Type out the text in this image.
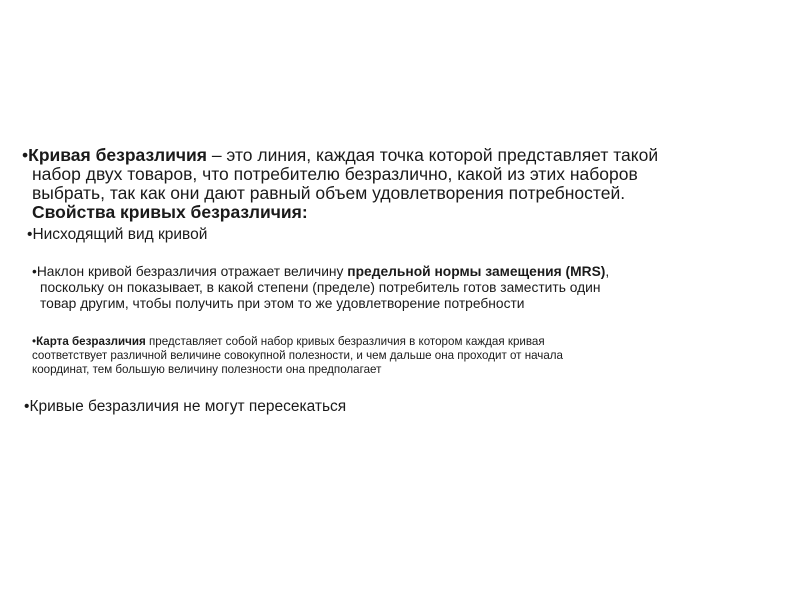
•Кривая безразличия – это линия, каждая точка которой представляет такой
набор двух товаров, что потребителю безразлично, какой из этих наборов
выбрать, так как они дают равный объем удовлетворения потребностей.
Свойства кривых безразличия:
•Нисходящий вид кривой
•Наклон кривой безразличия отражает величину предельной нормы замещения (MRS),
поскольку он показывает, в какой степени (пределе) потребитель готов заместить один
товар другим, чтобы получить при этом то же удовлетворение потребности
•Карта безразличия представляет собой набор кривых безразличия в котором каждая кривая
соответствует различной величине совокупной полезности, и чем дальше она проходит от начала
координат, тем большую величину полезности она предполагает
•Кривые безразличия не могут пересекаться
